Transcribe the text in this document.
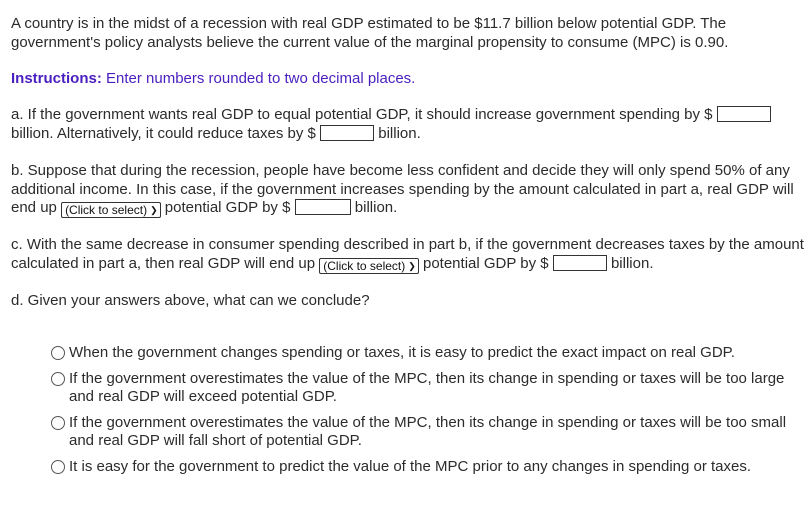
A country is in the midst of a recession with real GDP estimated to be $11.7 billion below potential GDP. The government's policy analysts believe the current value of the marginal propensity to consume (MPC) is 0.90.
Instructions: Enter numbers rounded to two decimal places.
a. If the government wants real GDP to equal potential GDP, it should increase government spending by $  billion. Alternatively, it could reduce taxes by $	billion.
b. Suppose that during the recession, people have become less confident and decide they will only spend 50% of any additional income. In this case, if the government increases spending by the amount calculated in part a, real GDP will end up (Click to select) ❯ potential GDP by $	billion.
c. With the same decrease in consumer spending described in part b, if the government decreases taxes by the amount calculated in part a, then real GDP will end up (Click to select) ❯ potential GDP by $	billion.
d. Given your answers above, what can we conclude?
When the government changes spending or taxes, it is easy to predict the exact impact on real GDP.
If the government overestimates the value of the MPC, then its change in spending or taxes will be too large and real GDP will exceed potential GDP.
If the government overestimates the value of the MPC, then its change in spending or taxes will be too small and real GDP will fall short of potential GDP.
It is easy for the government to predict the value of the MPC prior to any changes in spending or taxes.
